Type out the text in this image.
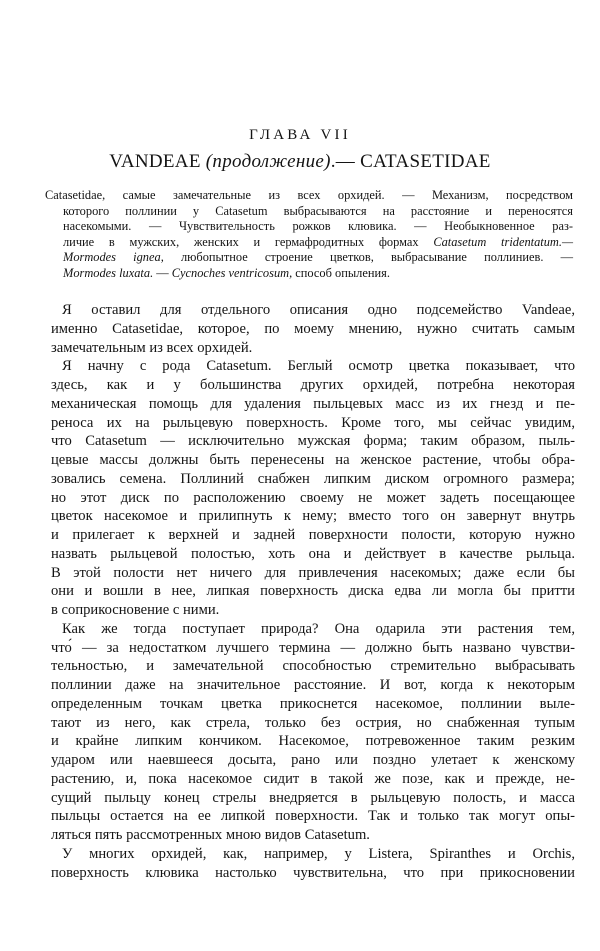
ГЛАВА VII
VANDEAE (продолжение).— CATASETIDAE
Catasetidae, самые замечательные из всех орхидей. — Механизм, посредством
которого поллинии у Catasetum выбрасываются на расстояние и переносятся
насекомыми. — Чувствительность рожков клювика. — Необыкновенное раз-
личие в мужских, женских и гермафродитных формах Catasetum tridentatum.—
Mormodes ignea, любопытное строение цветков, выбрасывание поллиниев. —
Mormodes luxata. — Cycnoches ventricosum, способ опыления.
Я оставил для отдельного описания одно подсемейство Vandeae,
именно Catasetidae, которое, по моему мнению, нужно считать самым
замечательным из всех орхидей.
Я начну с рода Catasetum. Беглый осмотр цветка показывает, что
здесь, как и у большинства других орхидей, потребна некоторая
механическая помощь для удаления пыльцевых масс из их гнезд и пе-
реноса их на рыльцевую поверхность. Кроме того, мы сейчас увидим,
что Catasetum — исключительно мужская форма; таким образом, пыль-
цевые массы должны быть перенесены на женское растение, чтобы обра-
зовались семена. Поллиний снабжен липким диском огромного размера;
но этот диск по расположению своему не может задеть посещающее
цветок насекомое и прилипнуть к нему; вместо того он завернут внутрь
и прилегает к верхней и задней поверхности полости, которую нужно
назвать рыльцевой полостью, хоть она и действует в качестве рыльца.
В этой полости нет ничего для привлечения насекомых; даже если бы
они и вошли в нее, липкая поверхность диска едва ли могла бы притти
в соприкосновение с ними.
Как же тогда поступает природа? Она одарила эти растения тем,
что́ — за недостатком лучшего термина — должно быть названо чувстви-
тельностью, и замечательной способностью стремительно выбрасывать
поллинии даже на значительное расстояние. И вот, когда к некоторым
определенным точкам цветка прикоснется насекомое, поллинии выле-
тают из него, как стрела, только без острия, но снабженная тупым
и крайне липким кончиком. Насекомое, потревоженное таким резким
ударом или наевшееся досыта, рано или поздно улетает к женскому
растению, и, пока насекомое сидит в такой же позе, как и прежде, не-
сущий пыльцу конец стрелы внедряется в рыльцевую полость, и масса
пыльцы остается на ее липкой поверхности. Так и только так могут опы-
ляться пять рассмотренных мною видов Catasetum.
У многих орхидей, как, например, у Listera, Spiranthes и Orchis,
поверхность клювика настолько чувствительна, что при прикосновении
